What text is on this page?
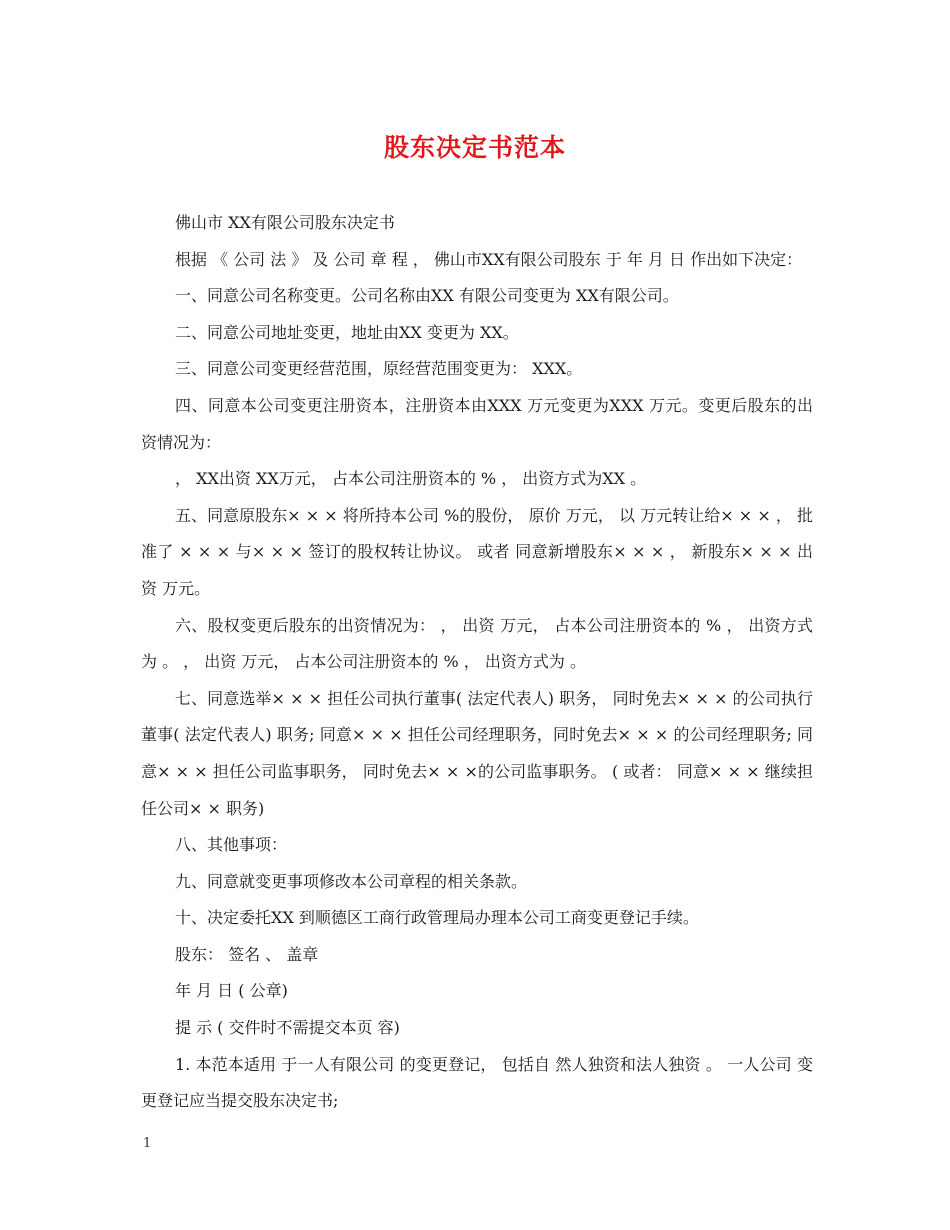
股东决定书范本

佛山市 XX有限公司股东决定书

根据 《 公司 法 》 及 公司 章 程 ， 佛山市XX有限公司股东 于 年 月 日 作出如下决定：

一、同意公司名称变更。公司名称由XX 有限公司变更为 XX有限公司。

二、同意公司地址变更，地址由XX 变更为 XX。

三、同意公司变更经营范围，原经营范围变更为： XXX。

四、同意本公司变更注册资本，注册资本由XXX 万元变更为XXX 万元。变更后股东的出资情况为：

， XX出资 XX万元， 占本公司注册资本的 % ， 出资方式为XX 。

五、同意原股东× × × 将所持本公司 %的股份， 原价 万元， 以 万元转让给× × × ， 批准了 × × × 与× × × 签订的股权转让协议。 或者 同意新增股东× × × ， 新股东× × × 出资 万元。

六、股权变更后股东的出资情况为： ， 出资 万元， 占本公司注册资本的 % ， 出资方式为 。 ， 出资 万元， 占本公司注册资本的 % ， 出资方式为 。

七、同意选举× × × 担任公司执行董事( 法定代表人) 职务， 同时免去× × × 的公司执行董事( 法定代表人) 职务; 同意× × × 担任公司经理职务，同时免去× × × 的公司经理职务; 同意× × × 担任公司监事职务， 同时免去× × ×的公司监事职务。 ( 或者： 同意× × × 继续担任公司× × 职务)

八、其他事项：

九、同意就变更事项修改本公司章程的相关条款。

十、决定委托XX 到顺德区工商行政管理局办理本公司工商变更登记手续。

股东： 签名 、 盖章

年 月 日 ( 公章)

提 示 ( 交件时不需提交本页 容)

1. 本范本适用 于一人有限公司 的变更登记， 包括自 然人独资和法人独资 。 一人公司 变更登记应当提交股东决定书;

1
